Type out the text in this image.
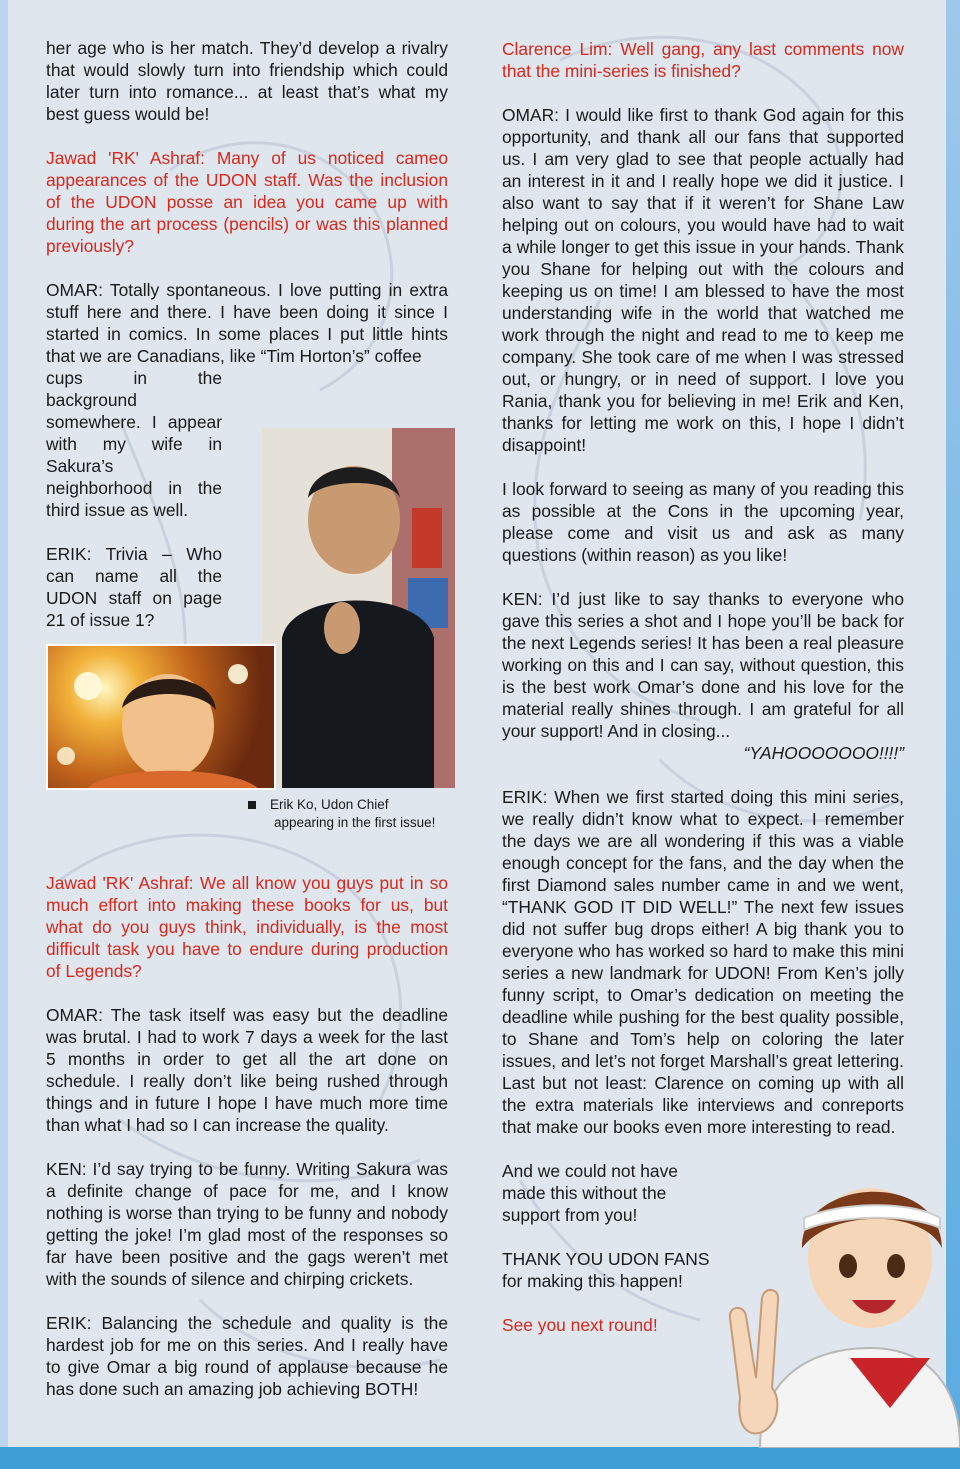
her age who is her match. They’d develop a rivalry that would slowly turn into friendship which could later turn into romance... at least that’s what my best guess would be!

Jawad 'RK' Ashraf: Many of us noticed cameo appearances of the UDON staff. Was the inclusion of the UDON posse an idea you came up with during the art process (pencils) or was this planned previously?

OMAR: Totally spontaneous. I love putting in extra stuff here and there. I have been doing it since I started in comics. In some places I put little hints that we are Canadians, like “Tim Horton’s” coffee

cups in the background somewhere. I appear with my wife in Sakura’s neighborhood in the third issue as well.

ERIK: Trivia – Who can name all the UDON staff on page 21 of issue 1?

Erik Ko, Udon Chief
appearing in the first issue!

Jawad 'RK' Ashraf: We all know you guys put in so much effort into making these books for us, but what do you guys think, individually, is the most difficult task you have to endure during production of Legends?

OMAR: The task itself was easy but the deadline was brutal. I had to work 7 days a week for the last 5 months in order to get all the art done on schedule. I really don’t like being rushed through things and in future I hope I have much more time than what I had so I can increase the quality.

KEN: I’d say trying to be funny. Writing Sakura was a definite change of pace for me, and I know nothing is worse than trying to be funny and nobody getting the joke! I’m glad most of the responses so far have been positive and the gags weren’t met with the sounds of silence and chirping crickets.

ERIK: Balancing the schedule and quality is the hardest job for me on this series. And I really have to give Omar a big round of applause because he has done such an amazing job achieving BOTH!

Clarence Lim: Well gang, any last comments now that the mini-series is finished?

OMAR: I would like first to thank God again for this opportunity, and thank all our fans that supported us. I am very glad to see that people actually had an interest in it and I really hope we did it justice. I also want to say that if it weren’t for Shane Law helping out on colours, you would have had to wait a while longer to get this issue in your hands. Thank you Shane for helping out with the colours and keeping us on time! I am blessed to have the most understanding wife in the world that watched me work through the night and read to me to keep me company. She took care of me when I was stressed out, or hungry, or in need of support. I love you Rania, thank you for believing in me! Erik and Ken, thanks for letting me work on this, I hope I didn’t disappoint!

I look forward to seeing as many of you reading this as possible at the Cons in the upcoming year, please come and visit us and ask as many questions (within reason) as you like!

KEN: I’d just like to say thanks to everyone who gave this series a shot and I hope you’ll be back for the next Legends series! It has been a real pleasure working on this and I can say, without question, this is the best work Omar’s done and his love for the material really shines through. I am grateful for all your support! And in closing...

“YAHOOOOOOO!!!!”

ERIK: When we first started doing this mini series, we really didn’t know what to expect. I remember the days we are all wondering if this was a viable enough concept for the fans, and the day when the first Diamond sales number came in and we went, “THANK GOD IT DID WELL!” The next few issues did not suffer bug drops either! A big thank you to everyone who has worked so hard to make this mini series a new landmark for UDON! From Ken’s jolly funny script, to Omar’s dedication on meeting the deadline while pushing for the best quality possible, to Shane and Tom’s help on coloring the later issues, and let’s not forget Marshall’s great lettering. Last but not least: Clarence on coming up with all the extra materials like interviews and conreports that make our books even more interesting to read.

And we could not have
made this without the
support from you!

THANK YOU UDON FANS
for making this happen!

See you next round!
